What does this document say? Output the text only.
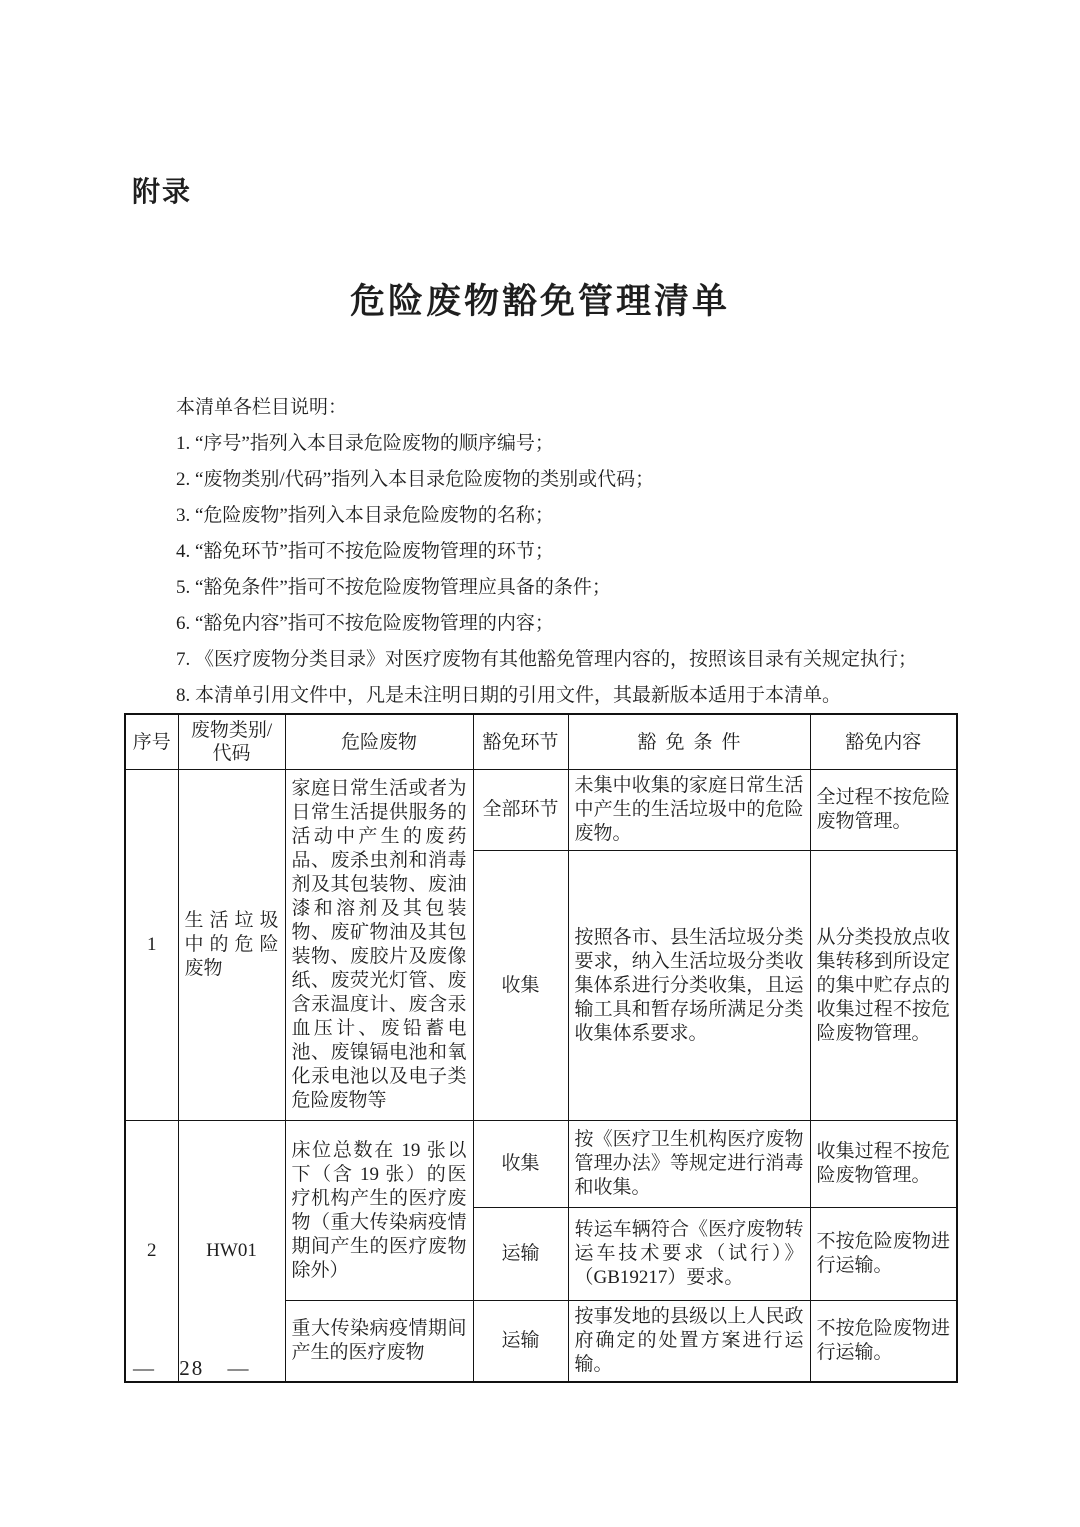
附录
危险废物豁免管理清单
本清单各栏目说明：
1. “序号”指列入本目录危险废物的顺序编号；
2. “废物类别/代码”指列入本目录危险废物的类别或代码；
3. “危险废物”指列入本目录危险废物的名称；
4. “豁免环节”指可不按危险废物管理的环节；
5. “豁免条件”指可不按危险废物管理应具备的条件；
6. “豁免内容”指可不按危险废物管理的内容；
7. 《医疗废物分类目录》对医疗废物有其他豁免管理内容的，按照该目录有关规定执行；
8. 本清单引用文件中，凡是未注明日期的引用文件，其最新版本适用于本清单。
序号	废物类别/代码	危险废物	豁免环节	豁免条件	豁免内容
1	生活垃圾中的危险废物	家庭日常生活或者为日常生活提供服务的活动中产生的废药品、废杀虫剂和消毒剂及其包装物、废油漆和溶剂及其包装物、废矿物油及其包装物、废胶片及废像纸、废荧光灯管、废含汞温度计、废含汞血压计、废铅蓄电池、废镍镉电池和氧化汞电池以及电子类危险废物等	全部环节	未集中收集的家庭日常生活中产生的生活垃圾中的危险废物。	全过程不按危险废物管理。
			收集	按照各市、县生活垃圾分类要求，纳入生活垃圾分类收集体系进行分类收集，且运输工具和暂存场所满足分类收集体系要求。	从分类投放点收集转移到所设定的集中贮存点的收集过程不按危险废物管理。
2	HW01	床位总数在 19 张以下（含 19 张）的医疗机构产生的医疗废物（重大传染病疫情期间产生的医疗废物除外）	收集	按《医疗卫生机构医疗废物管理办法》等规定进行消毒和收集。	收集过程不按危险废物管理。
			运输	转运车辆符合《医疗废物转运车技术要求（试行）》（GB19217）要求。	不按危险废物进行运输。
		重大传染病疫情期间产生的医疗废物	运输	按事发地的县级以上人民政府确定的处置方案进行运输。	不按危险废物进行运输。
— 28 —
